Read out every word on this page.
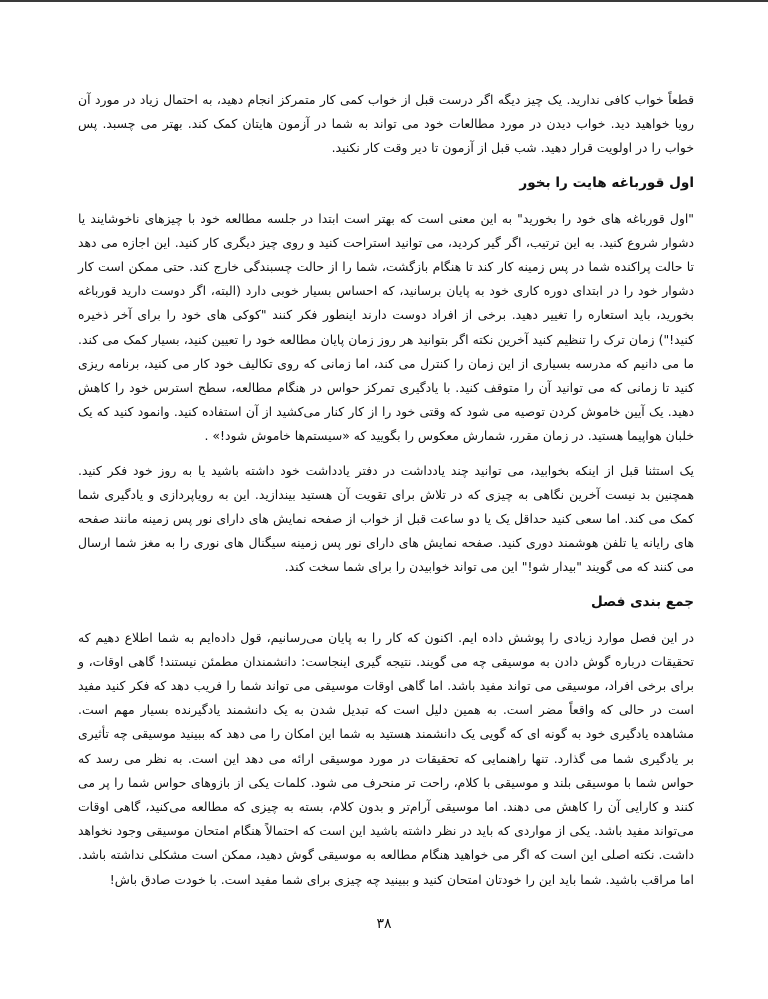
قطعاً خواب کافی ندارید. یک چیز دیگه اگر درست قبل از خواب کمی کار متمرکز انجام دهید، به احتمال زیاد در مورد آن رویا خواهید دید. خواب دیدن در مورد مطالعات خود می تواند به شما در آزمون هایتان کمک کند. بهتر می چسبد. پس خواب را در اولویت قرار دهید. شب قبل از آزمون تا دیر وقت کار نکنید.

اول قورباغه هایت را بخور

"اول قورباغه های خود را بخورید" به این معنی است که بهتر است ابتدا در جلسه مطالعه خود با چیزهای ناخوشایند یا دشوار شروع کنید. به این ترتیب، اگر گیر کردید، می توانید استراحت کنید و روی چیز دیگری کار کنید. این اجازه می دهد تا حالت پراکنده شما در پس زمینه کار کند تا هنگام بازگشت، شما را از حالت چسبندگی خارج کند. حتی ممکن است کار دشوار خود را در ابتدای دوره کاری خود به پایان برسانید، که احساس بسیار خوبی دارد (البته، اگر دوست دارید قورباغه بخورید، باید استعاره را تغییر دهید. برخی از افراد دوست دارند اینطور فکر کنند "کوکی های خود را برای آخر ذخیره کنید!") زمان ترک را تنظیم کنید آخرین نکته اگر بتوانید هر روز زمان پایان مطالعه خود را تعیین کنید، بسیار کمک می کند. ما می دانیم که مدرسه بسیاری از این زمان را کنترل می کند، اما زمانی که روی تکالیف خود کار می کنید، برنامه ریزی کنید تا زمانی که می توانید آن را متوقف کنید. با یادگیری تمرکز حواس در هنگام مطالعه، سطح استرس خود را کاهش دهید. یک آیین خاموش کردن توصیه می شود که وقتی خود را از کار کنار می‌کشید از آن استفاده کنید. وانمود کنید که یک خلبان هواپیما هستید. در زمان مقرر، شمارش معکوس را بگویید که «سیستم‌ها خاموش شود!» .

یک استثنا قبل از اینکه بخوابید، می توانید چند یادداشت در دفتر یادداشت خود داشته باشید یا به روز خود فکر کنید. همچنین بد نیست آخرین نگاهی به چیزی که در تلاش برای تقویت آن هستید بیندازید. این به رویاپردازی و یادگیری شما کمک می کند. اما سعی کنید حداقل یک یا دو ساعت قبل از خواب از صفحه نمایش های دارای نور پس زمینه مانند صفحه های رایانه یا تلفن هوشمند دوری کنید. صفحه نمایش های دارای نور پس زمینه سیگنال های نوری را به مغز شما ارسال می کنند که می گویند "بیدار شو!" این می تواند خوابیدن را برای شما سخت کند.

جمع بندی فصل

در این فصل موارد زیادی را پوشش داده ایم. اکنون که کار را به پایان می‌رسانیم، قول داده‌ایم به شما اطلاع دهیم که تحقیقات درباره گوش دادن به موسیقی چه می گویند. نتیجه گیری اینجاست: دانشمندان مطمئن نیستند! گاهی اوقات، و برای برخی افراد، موسیقی می تواند مفید باشد. اما گاهی اوقات موسیقی می تواند شما را فریب دهد که فکر کنید مفید است در حالی که واقعاً مضر است. به همین دلیل است که تبدیل شدن به یک دانشمند یادگیرنده بسیار مهم است. مشاهده یادگیری خود به گونه ای که گویی یک دانشمند هستید به شما این امکان را می دهد که ببینید موسیقی چه تأثیری بر یادگیری شما می گذارد. تنها راهنمایی که تحقیقات در مورد موسیقی ارائه می دهد این است. به نظر می رسد که حواس شما با موسیقی بلند و موسیقی با کلام، راحت تر منحرف می شود. کلمات یکی از بازوهای حواس شما را پر می کنند و کارایی آن را کاهش می دهند. اما موسیقی آرام‌تر و بدون کلام، بسته به چیزی که مطالعه می‌کنید، گاهی اوقات می‌تواند مفید باشد. یکی از مواردی که باید در نظر داشته باشید این است که احتمالاً هنگام امتحان موسیقی وجود نخواهد داشت. نکته اصلی این است که اگر می خواهید هنگام مطالعه به موسیقی گوش دهید، ممکن است مشکلی نداشته باشد. اما مراقب باشید. شما باید این را خودتان امتحان کنید و ببینید چه چیزی برای شما مفید است. با خودت صادق باش!

۳۸
